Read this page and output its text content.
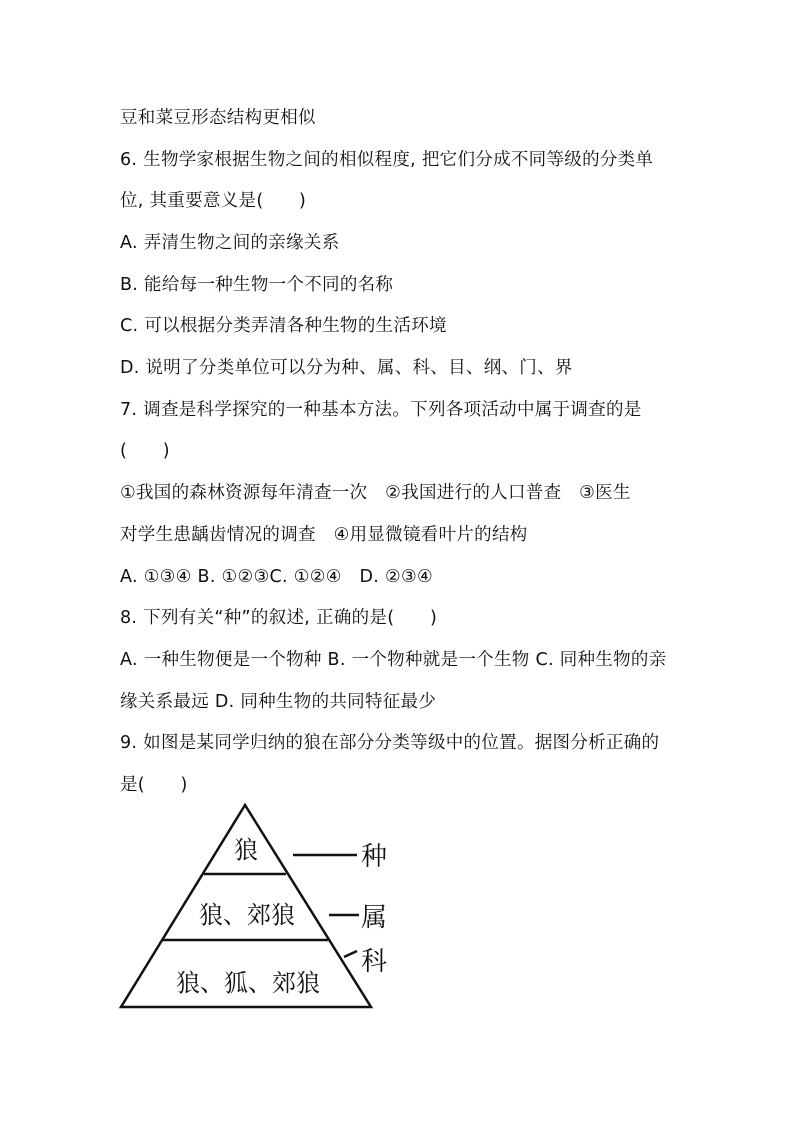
豆和菜豆形态结构更相似
6. 生物学家根据生物之间的相似程度, 把它们分成不同等级的分类单
位, 其重要意义是(　　)
A. 弄清生物之间的亲缘关系
B. 能给每一种生物一个不同的名称
C. 可以根据分类弄清各种生物的生活环境
D. 说明了分类单位可以分为种、属、科、目、纲、门、界
7. 调查是科学探究的一种基本方法。下列各项活动中属于调查的是
(　　)
①我国的森林资源每年清查一次　②我国进行的人口普查　③医生
对学生患龋齿情况的调查　④用显微镜看叶片的结构
A. ①③④ B. ①②③C. ①②④　D. ②③④
8. 下列有关“种”的叙述, 正确的是(　　)
A. 一种生物便是一个物种 B. 一个物种就是一个生物 C. 同种生物的亲
缘关系最远 D. 同种生物的共同特征最少
9. 如图是某同学归纳的狼在部分分类等级中的位置。据图分析正确的
是(　　)
狼
狼、郊狼
狼、狐、郊狼
种
属
科
